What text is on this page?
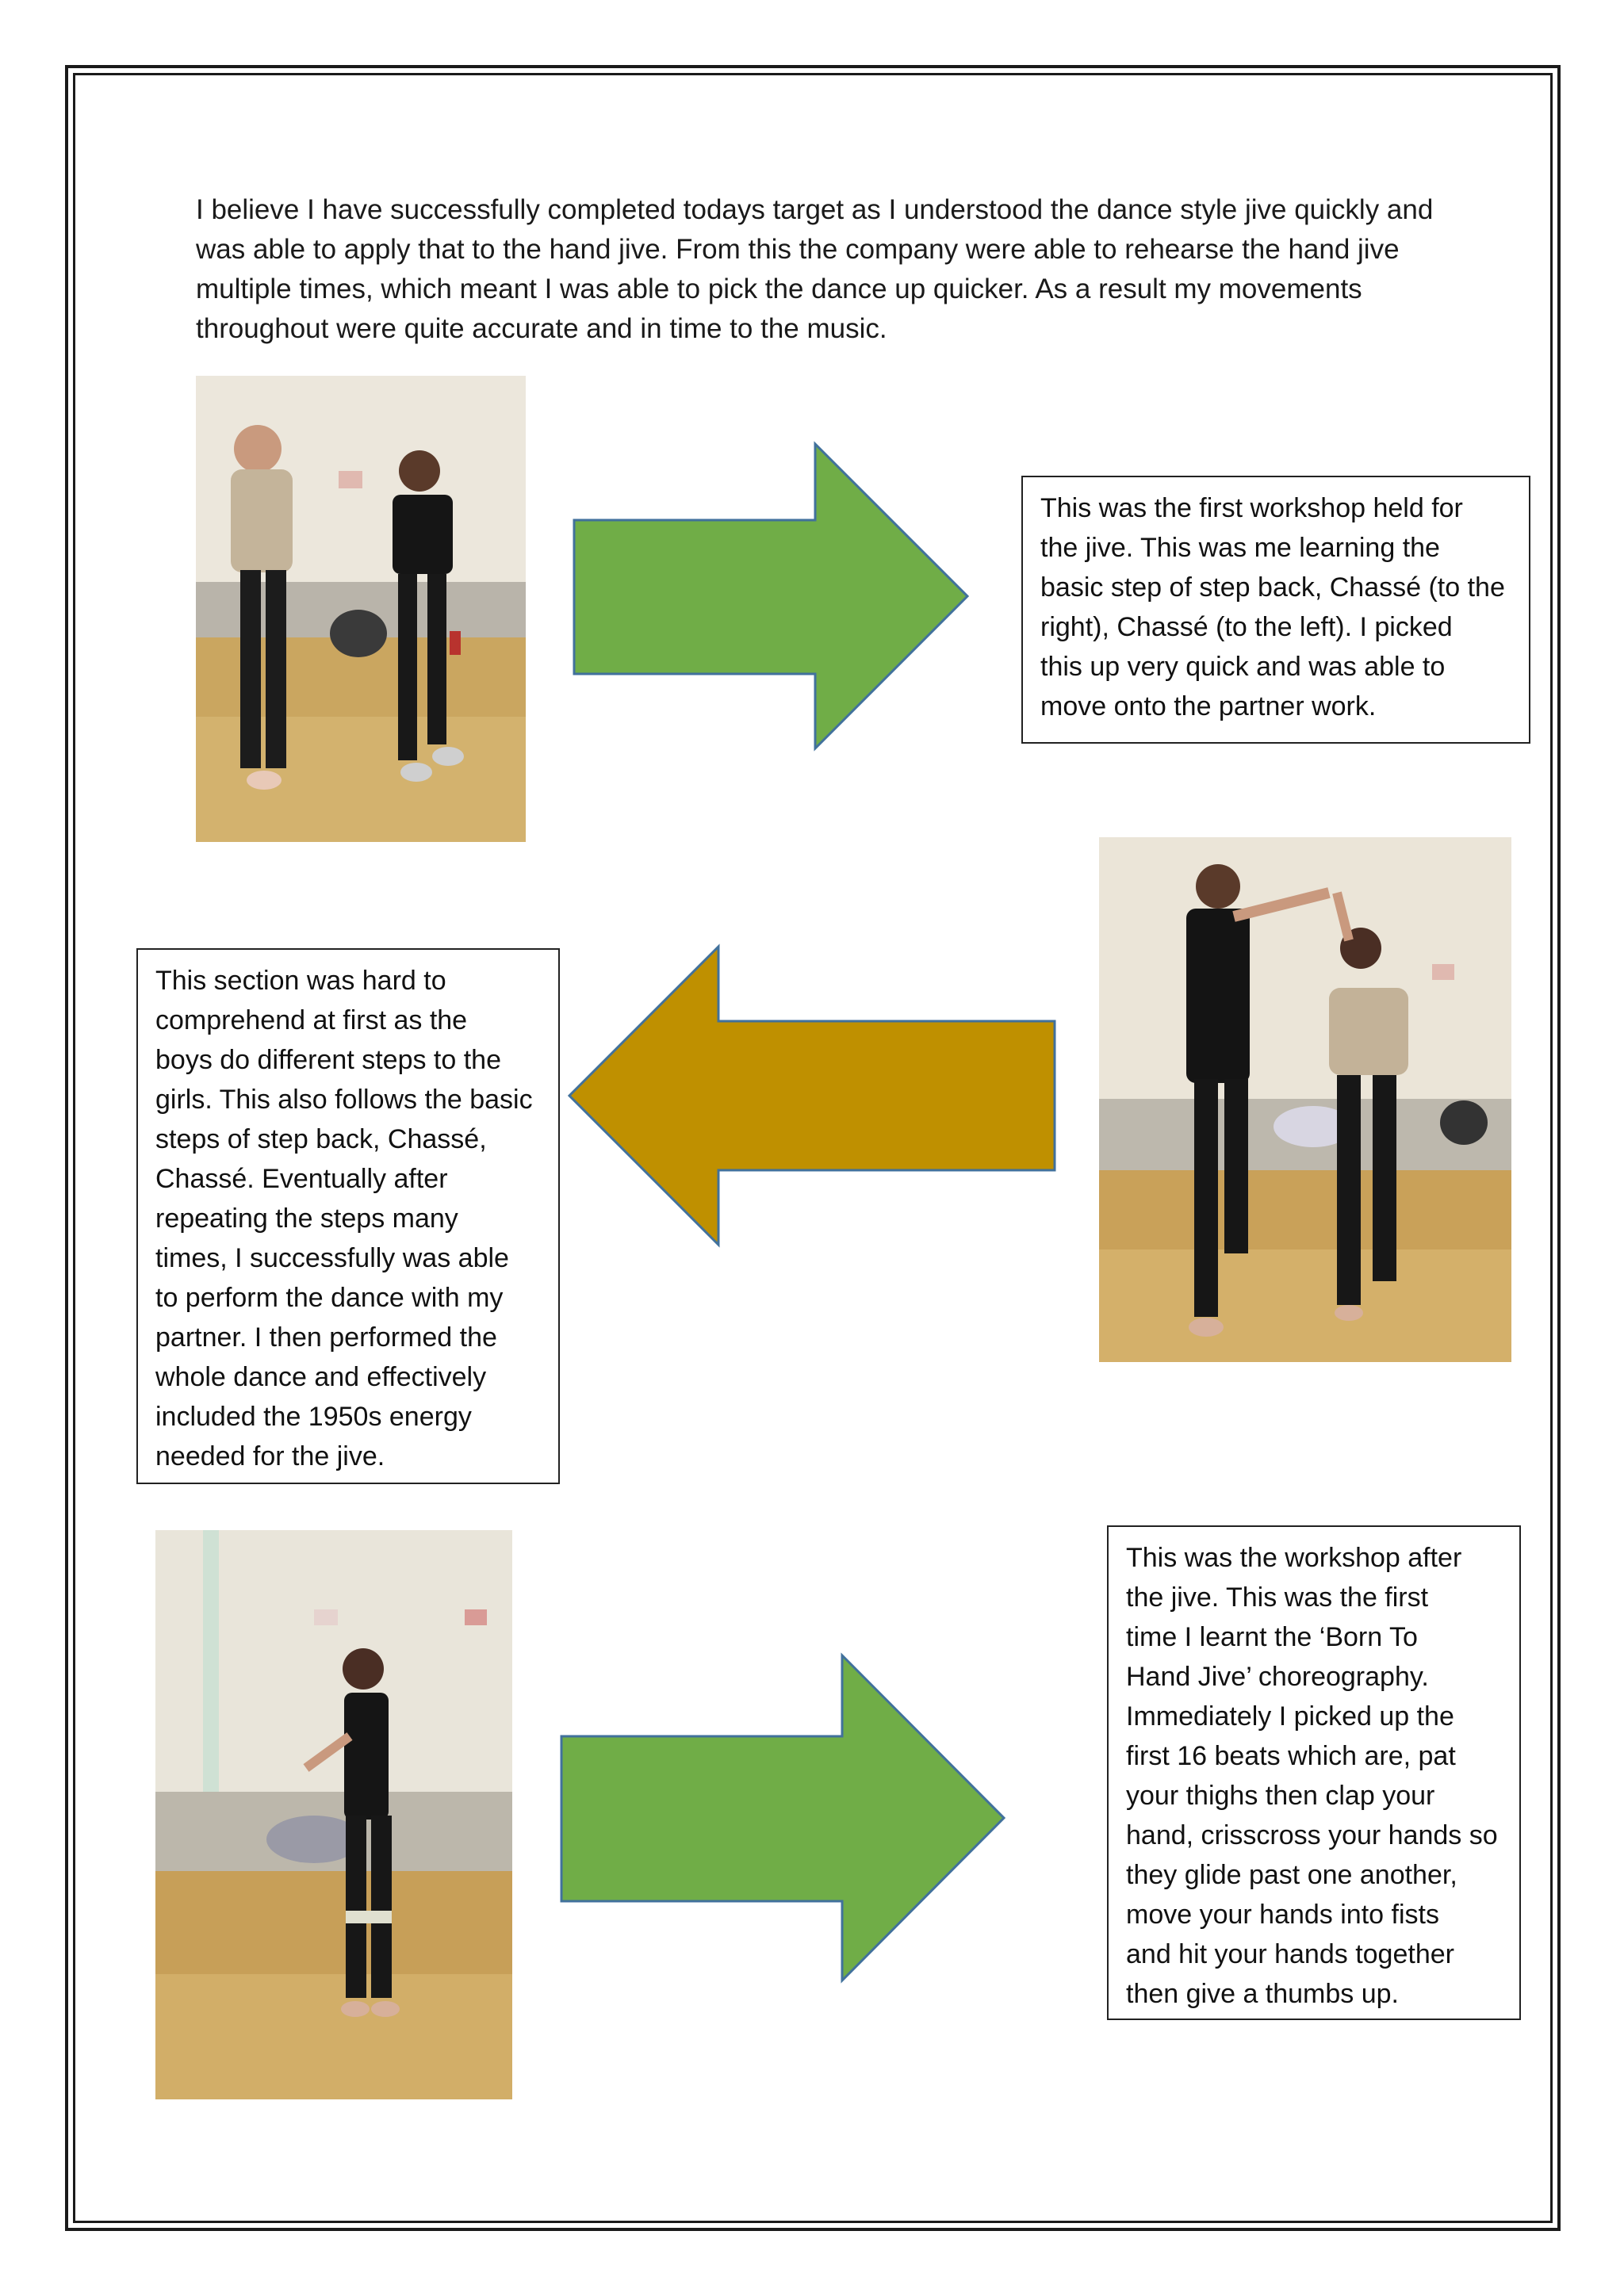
I believe I have successfully completed todays target as I understood the dance style jive quickly and

was able to apply that to the hand jive. From this the company were able to rehearse the hand jive

multiple times, which meant I was able to pick the dance up quicker. As a result my movements

throughout were quite accurate and in time to the music.

This was the first workshop held for

the jive. This was me learning the

basic step of step back, Chassé (to the

right), Chassé (to the left). I picked

this up very quick and was able to

move onto the partner work.

This section was hard to

comprehend at first as the

boys do different steps to the

girls. This also follows the basic

steps of step back, Chassé,

Chassé. Eventually after

repeating the steps many

times, I successfully was able

to perform the dance with my

partner. I then performed the

whole dance and effectively

included the 1950s energy

needed for the jive.

This was the workshop after

the jive. This was the first

time I learnt the ‘Born To

Hand Jive’ choreography.

Immediately I picked up the

first 16 beats which are, pat

your thighs then clap your

hand, crisscross your hands so

they glide past one another,

move your hands into fists

and hit your hands together

then give a thumbs up.
